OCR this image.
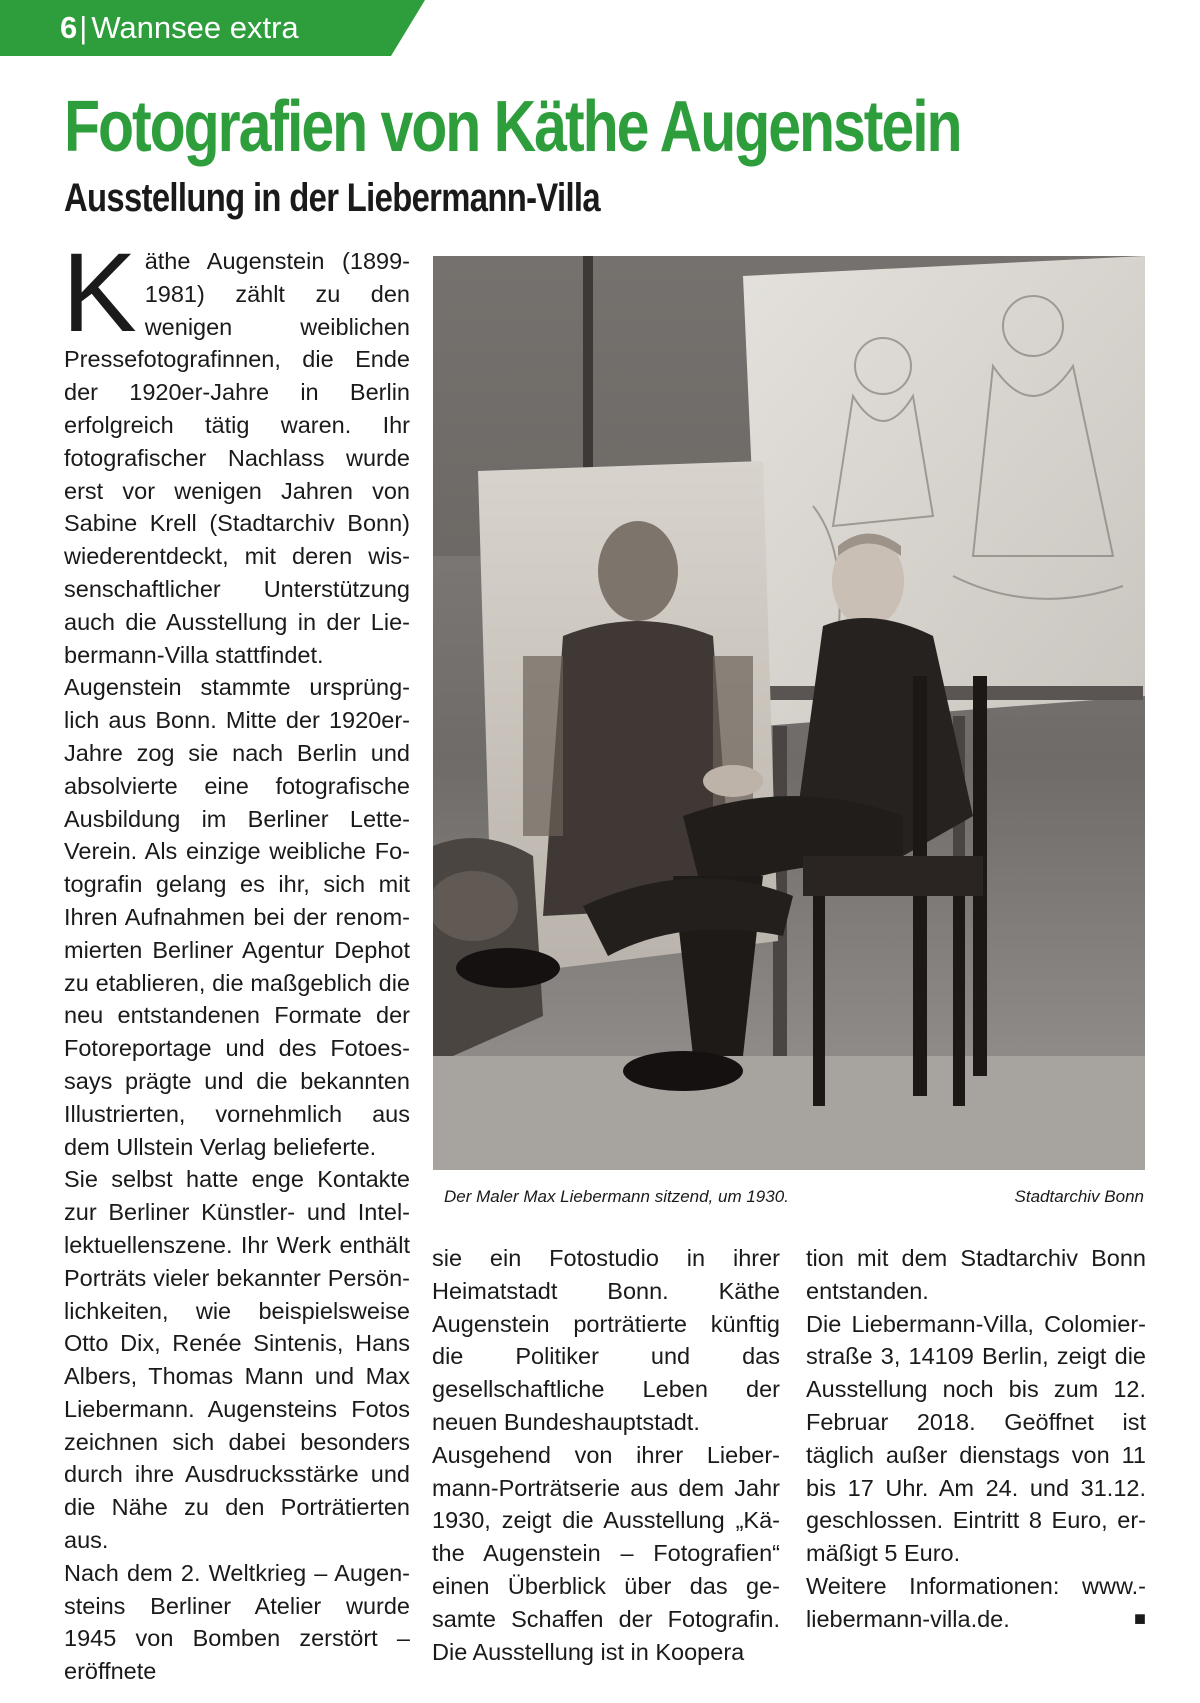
6| Wannsee extra
Fotografien von Käthe Augenstein
Ausstellung in der Liebermann-Villa

Käthe Augenstein (1899-1981) zählt zu den wenigen weiblichen Pressefotografinnen, die Ende der 1920er-Jahre in Berlin erfolgreich tätig waren. Ihr fotografischer Nachlass wurde erst vor wenigen Jahren von Sabine Krell (Stadtarchiv Bonn) wiederentdeckt, mit deren wissenschaftlicher Unterstützung auch die Ausstellung in der Liebermann-Villa stattfindet.

Augenstein stammte ursprünglich aus Bonn. Mitte der 1920er-Jahre zog sie nach Berlin und absolvierte eine fotografische Ausbildung im Berliner Lette-Verein. Als einzige weibliche Fotografin gelang es ihr, sich mit Ihren Aufnahmen bei der renommierten Berliner Agentur Dephot zu etablieren, die maßgeblich die neu entstandenen Formate der Fotoreportage und des Fotoessays prägte und die bekannten Illustrierten, vornehmlich aus dem Ullstein Verlag belieferte.

Sie selbst hatte enge Kontakte zur Berliner Künstler- und Intellektuellenszene. Ihr Werk enthält Porträts vieler bekannter Persönlichkeiten, wie beispielsweise Otto Dix, Renée Sintenis, Hans Albers, Thomas Mann und Max Liebermann. Augensteins Fotos zeichnen sich dabei besonders durch ihre Ausdrucksstärke und die Nähe zu den Porträtierten aus.

Nach dem 2. Weltkrieg – Augensteins Berliner Atelier wurde 1945 von Bomben zerstört – eröffnete

Der Maler Max Liebermann sitzend, um 1930.	Stadtarchiv Bonn

sie ein Fotostudio in ihrer Heimatstadt Bonn. Käthe Augenstein porträtierte künftig die Politiker und das gesellschaftliche Leben der neuen Bundeshauptstadt.

Ausgehend von ihrer Liebermann-Porträtserie aus dem Jahr 1930, zeigt die Ausstellung „Käthe Augenstein – Fotografien“ einen Überblick über das gesamte Schaffen der Fotografin. Die Ausstellung ist in Koopera

tion mit dem Stadtarchiv Bonn entstanden.

Die Liebermann-Villa, Colomierstraße 3, 14109 Berlin, zeigt die Ausstellung noch bis zum 12. Februar 2018. Geöffnet ist täglich außer dienstags von 11 bis 17 Uhr. Am 24. und 31.12. geschlossen. Eintritt 8 Euro, ermäßigt 5 Euro.

Weitere Informationen: www.liebermann-villa.de.	■
